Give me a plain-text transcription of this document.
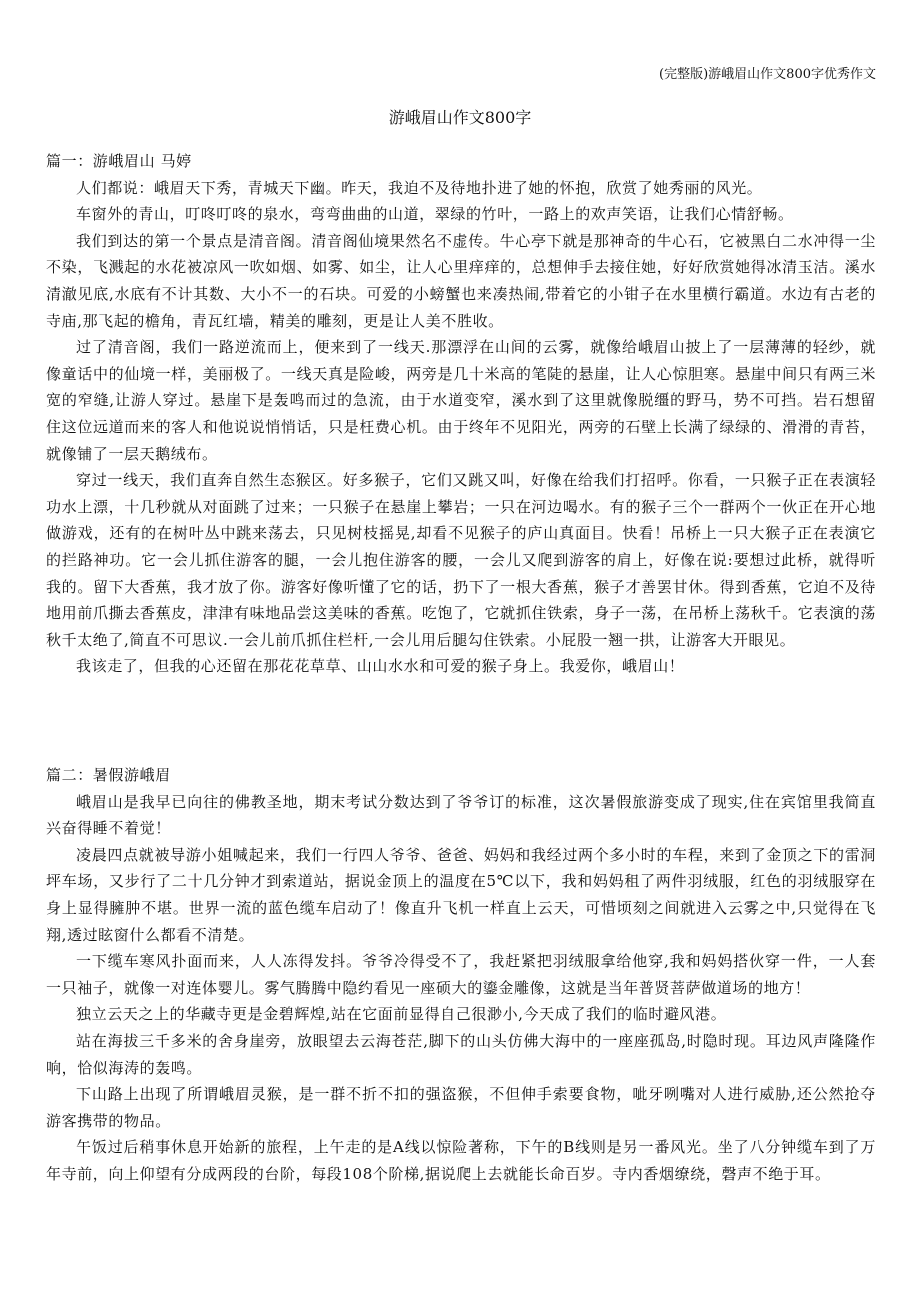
(完整版)游峨眉山作文800字优秀作文
游峨眉山作文800字

篇一：游峨眉山 马婷

人们都说：峨眉天下秀，青城天下幽。昨天，我迫不及待地扑进了她的怀抱，欣赏了她秀丽的风光。

车窗外的青山，叮咚叮咚的泉水，弯弯曲曲的山道，翠绿的竹叶，一路上的欢声笑语，让我们心情舒畅。

我们到达的第一个景点是清音阁。清音阁仙境果然名不虚传。牛心亭下就是那神奇的牛心石，它被黑白二水冲得一尘不染，飞溅起的水花被凉风一吹如烟、如雾、如尘，让人心里痒痒的，总想伸手去接住她，好好欣赏她得冰清玉洁。溪水清澈见底,水底有不计其数、大小不一的石块。可爱的小螃蟹也来凑热闹,带着它的小钳子在水里横行霸道。水边有古老的寺庙,那飞起的檐角，青瓦红墙，精美的雕刻，更是让人美不胜收。

过了清音阁，我们一路逆流而上，便来到了一线天.那漂浮在山间的云雾，就像给峨眉山披上了一层薄薄的轻纱，就像童话中的仙境一样，美丽极了。一线天真是险峻，两旁是几十米高的笔陡的悬崖，让人心惊胆寒。悬崖中间只有两三米宽的窄缝,让游人穿过。悬崖下是轰鸣而过的急流，由于水道变窄，溪水到了这里就像脱缰的野马，势不可挡。岩石想留住这位远道而来的客人和他说说悄悄话，只是枉费心机。由于终年不见阳光，两旁的石壁上长满了绿绿的、滑滑的青苔，就像铺了一层天鹅绒布。

穿过一线天，我们直奔自然生态猴区。好多猴子，它们又跳又叫，好像在给我们打招呼。你看，一只猴子正在表演轻功水上漂，十几秒就从对面跳了过来；一只猴子在悬崖上攀岩；一只在河边喝水。有的猴子三个一群两个一伙正在开心地做游戏，还有的在树叶丛中跳来荡去，只见树枝摇晃,却看不见猴子的庐山真面目。快看！吊桥上一只大猴子正在表演它的拦路神功。它一会儿抓住游客的腿，一会儿抱住游客的腰，一会儿又爬到游客的肩上，好像在说:要想过此桥，就得听我的。留下大香蕉，我才放了你。游客好像听懂了它的话，扔下了一根大香蕉，猴子才善罢甘休。得到香蕉，它迫不及待地用前爪撕去香蕉皮，津津有味地品尝这美味的香蕉。吃饱了，它就抓住铁索，身子一荡，在吊桥上荡秋千。它表演的荡秋千太绝了,简直不可思议.一会儿前爪抓住栏杆,一会儿用后腿勾住铁索。小屁股一翘一拱，让游客大开眼见。

我该走了，但我的心还留在那花花草草、山山水水和可爱的猴子身上。我爱你，峨眉山！

篇二：暑假游峨眉

峨眉山是我早已向往的佛教圣地，期末考试分数达到了爷爷订的标准，这次暑假旅游变成了现实,住在宾馆里我简直兴奋得睡不着觉！

凌晨四点就被导游小姐喊起来，我们一行四人爷爷、爸爸、妈妈和我经过两个多小时的车程，来到了金顶之下的雷洞坪车场，又步行了二十几分钟才到索道站，据说金顶上的温度在5℃以下，我和妈妈租了两件羽绒服，红色的羽绒服穿在身上显得臃肿不堪。世界一流的蓝色缆车启动了！像直升飞机一样直上云天，可惜顷刻之间就进入云雾之中,只觉得在飞翔,透过眩窗什么都看不清楚。

一下缆车寒风扑面而来，人人冻得发抖。爷爷冷得受不了，我赶紧把羽绒服拿给他穿,我和妈妈搭伙穿一件，一人套一只袖子，就像一对连体婴儿。雾气腾腾中隐约看见一座硕大的鎏金雕像，这就是当年普贤菩萨做道场的地方！

独立云天之上的华藏寺更是金碧辉煌,站在它面前显得自己很渺小,今天成了我们的临时避风港。

站在海拔三千多米的舍身崖旁，放眼望去云海苍茫,脚下的山头仿佛大海中的一座座孤岛,时隐时现。耳边风声隆隆作响，恰似海涛的轰鸣。

下山路上出现了所谓峨眉灵猴，是一群不折不扣的强盗猴，不但伸手索要食物，呲牙咧嘴对人进行威胁,还公然抢夺游客携带的物品。

午饭过后稍事休息开始新的旅程，上午走的是A线以惊险著称，下午的B线则是另一番风光。坐了八分钟缆车到了万年寺前，向上仰望有分成两段的台阶，每段108个阶梯,据说爬上去就能长命百岁。寺内香烟缭绕，磬声不绝于耳。
